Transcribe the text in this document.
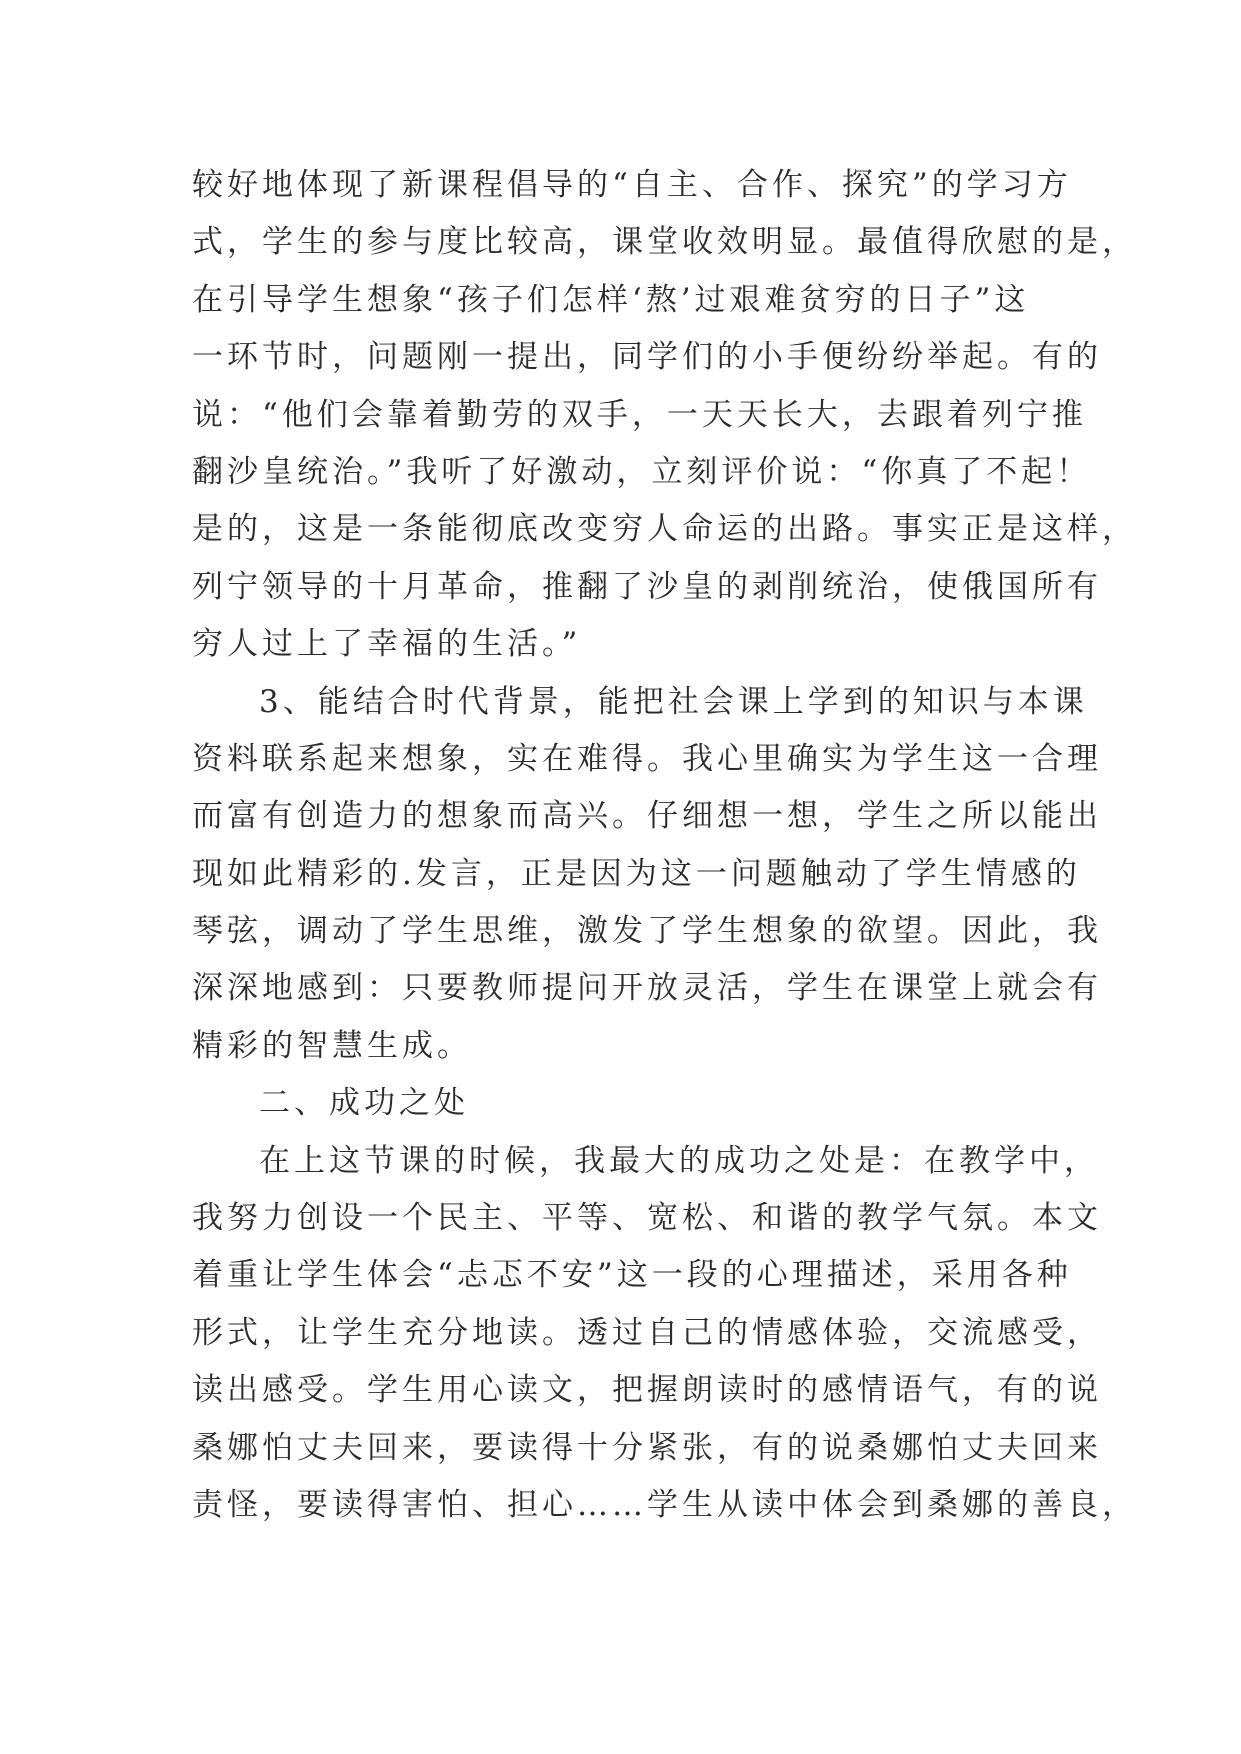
较好地体现了新课程倡导的“自主、合作、探究”的学习方

式，学生的参与度比较高，课堂收效明显。最值得欣慰的是，

在引导学生想象“孩子们怎样‘熬’过艰难贫穷的日子”这

一环节时，问题刚一提出，同学们的小手便纷纷举起。有的

说：“他们会靠着勤劳的双手，一天天长大，去跟着列宁推

翻沙皇统治。”我听了好激动，立刻评价说：“你真了不起！

是的，这是一条能彻底改变穷人命运的出路。事实正是这样，

列宁领导的十月革命，推翻了沙皇的剥削统治，使俄国所有

穷人过上了幸福的生活。”

3、能结合时代背景，能把社会课上学到的知识与本课

资料联系起来想象，实在难得。我心里确实为学生这一合理

而富有创造力的想象而高兴。仔细想一想，学生之所以能出

现如此精彩的.发言，正是因为这一问题触动了学生情感的

琴弦，调动了学生思维，激发了学生想象的欲望。因此，我

深深地感到：只要教师提问开放灵活，学生在课堂上就会有

精彩的智慧生成。

二、成功之处

在上这节课的时候，我最大的成功之处是：在教学中，

我努力创设一个民主、平等、宽松、和谐的教学气氛。本文

着重让学生体会“忐忑不安”这一段的心理描述，采用各种

形式，让学生充分地读。透过自己的情感体验，交流感受，

读出感受。学生用心读文，把握朗读时的感情语气，有的说

桑娜怕丈夫回来，要读得十分紧张，有的说桑娜怕丈夫回来

责怪，要读得害怕、担心……学生从读中体会到桑娜的善良，
